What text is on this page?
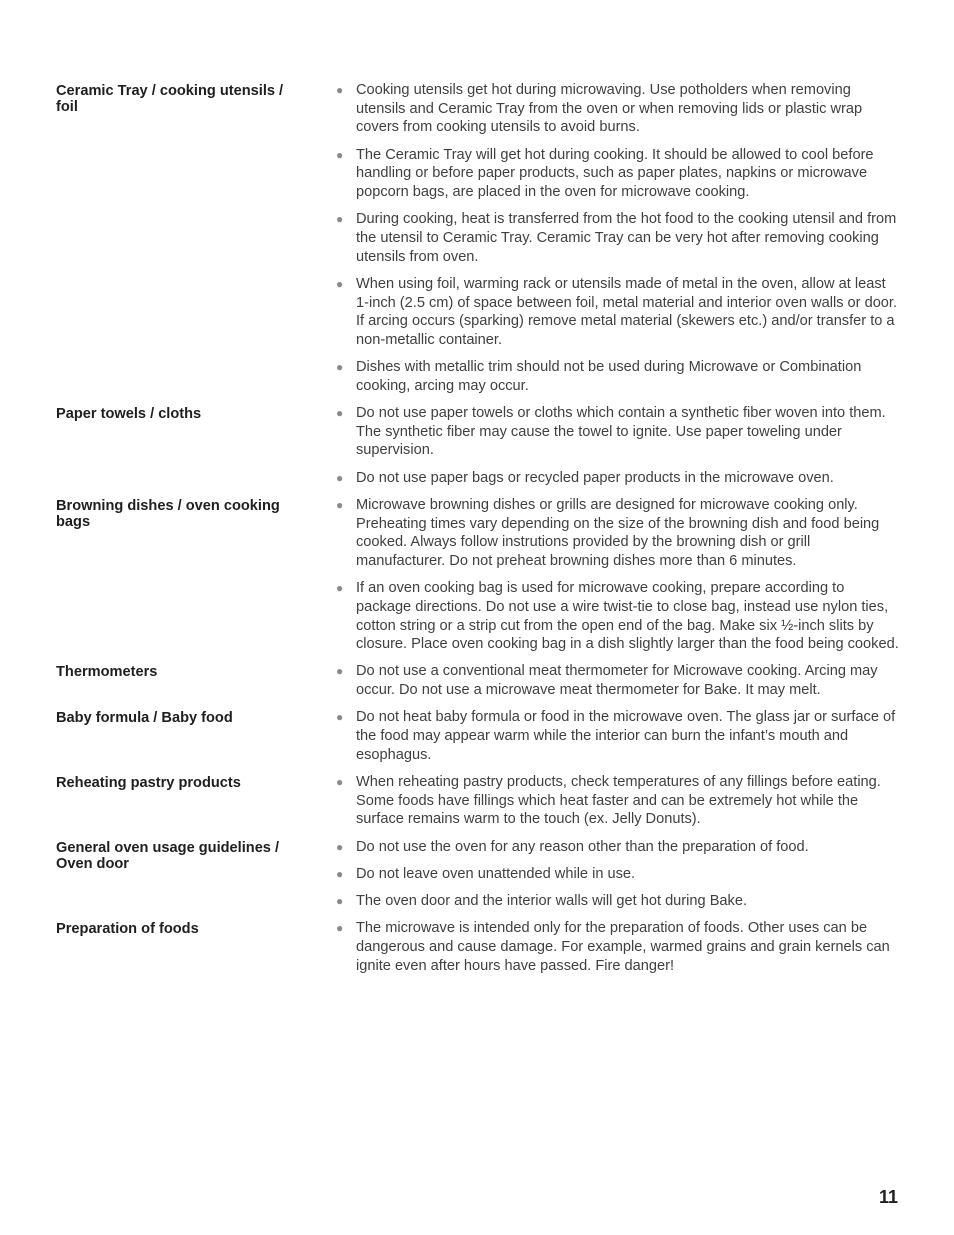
Ceramic Tray / cooking utensils / foil
● Cooking utensils get hot during microwaving. Use potholders when removing utensils and Ceramic Tray from the oven or when removing lids or plastic wrap covers from cooking utensils to avoid burns.
● The Ceramic Tray will get hot during cooking. It should be allowed to cool before handling or before paper products, such as paper plates, napkins or microwave popcorn bags, are placed in the oven for microwave cooking.
● During cooking, heat is transferred from the hot food to the cooking utensil and from the utensil to Ceramic Tray. Ceramic Tray can be very hot after removing cooking utensils from oven.
● When using foil, warming rack or utensils made of metal in the oven, allow at least 1-inch (2.5 cm) of space between foil, metal material and interior oven walls or door. If arcing occurs (sparking) remove metal material (skewers etc.) and/or transfer to a non-metallic container.
● Dishes with metallic trim should not be used during Microwave or Combination cooking, arcing may occur.
Paper towels / cloths	● Do not use paper towels or cloths which contain a synthetic fiber woven into them. The synthetic fiber may cause the towel to ignite. Use paper toweling under supervision.
● Do not use paper bags or recycled paper products in the microwave oven.
Browning dishes / oven cooking bags
● Microwave browning dishes or grills are designed for microwave cooking only. Preheating times vary depending on the size of the browning dish and food being cooked. Always follow instrutions provided by the browning dish or grill manufacturer. Do not preheat browning dishes more than 6 minutes.
● If an oven cooking bag is used for microwave cooking, prepare according to package directions. Do not use a wire twist-tie to close bag, instead use nylon ties, cotton string or a strip cut from the open end of the bag. Make six ½-inch slits by closure. Place oven cooking bag in a dish slightly larger than the food being cooked.
Thermometers	● Do not use a conventional meat thermometer for Microwave cooking. Arcing may occur. Do not use a microwave meat thermometer for Bake. It may melt.
Baby formula / Baby food	● Do not heat baby formula or food in the microwave oven. The glass jar or surface of the food may appear warm while the interior can burn the infant’s mouth and esophagus.
Reheating pastry products	● When reheating pastry products, check temperatures of any fillings before eating. Some foods have fillings which heat faster and can be extremely hot while the surface remains warm to the touch (ex. Jelly Donuts).
General oven usage guidelines / Oven door
● Do not use the oven for any reason other than the preparation of food.
● Do not leave oven unattended while in use.
● The oven door and the interior walls will get hot during Bake.
Preparation of foods	● The microwave is intended only for the preparation of foods. Other uses can be dangerous and cause damage. For example, warmed grains and grain kernels can ignite even after hours have passed. Fire danger!
11
